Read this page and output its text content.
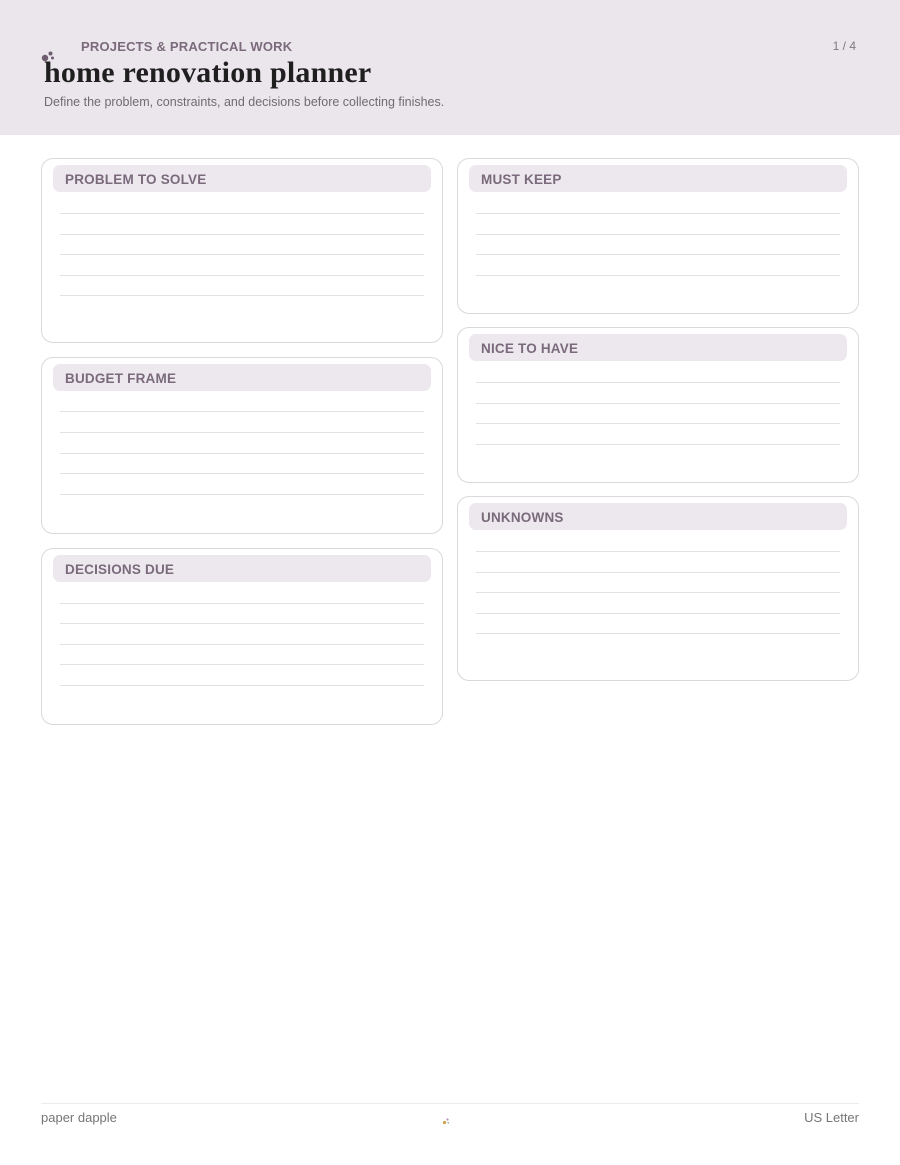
PROJECTS & PRACTICAL WORK	1 / 4
home renovation planner
Define the problem, constraints, and decisions before collecting finishes.
PROBLEM TO SOLVE
BUDGET FRAME
DECISIONS DUE
MUST KEEP
NICE TO HAVE
UNKNOWNS
paper dapple	US Letter
